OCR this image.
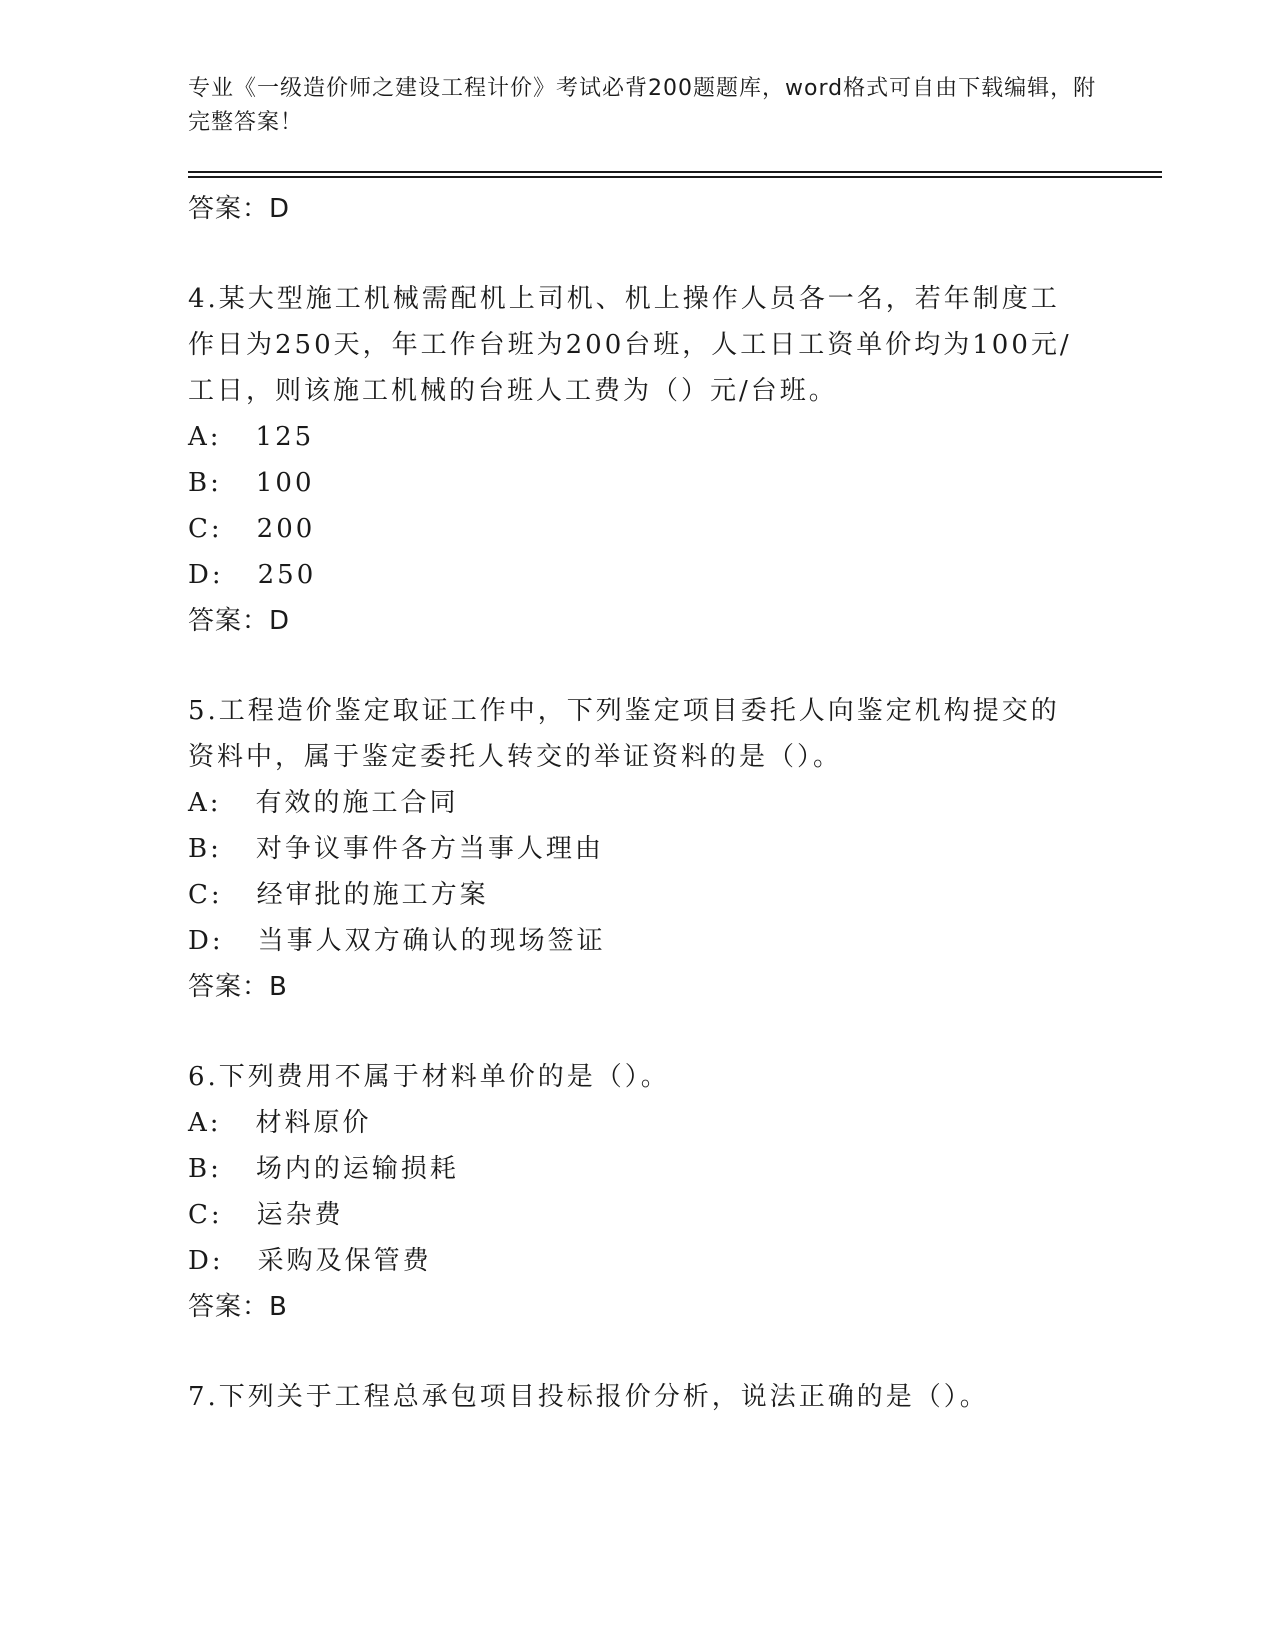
专业《一级造价师之建设工程计价》考试必背200题题库，word格式可自由下载编辑，附完整答案！
答案：D
4.某大型施工机械需配机上司机、机上操作人员各一名，若年制度工
作日为250天，年工作台班为200台班，人工日工资单价均为100元/
工日，则该施工机械的台班人工费为（）元/台班。
A: 125
B: 100
C: 200
D: 250
答案：D
5.工程造价鉴定取证工作中，下列鉴定项目委托人向鉴定机构提交的
资料中，属于鉴定委托人转交的举证资料的是（）。
A: 有效的施工合同
B: 对争议事件各方当事人理由
C: 经审批的施工方案
D: 当事人双方确认的现场签证
答案：B
6.下列费用不属于材料单价的是（）。
A: 材料原价
B: 场内的运输损耗
C: 运杂费
D: 采购及保管费
答案：B
7.下列关于工程总承包项目投标报价分析，说法正确的是（）。
